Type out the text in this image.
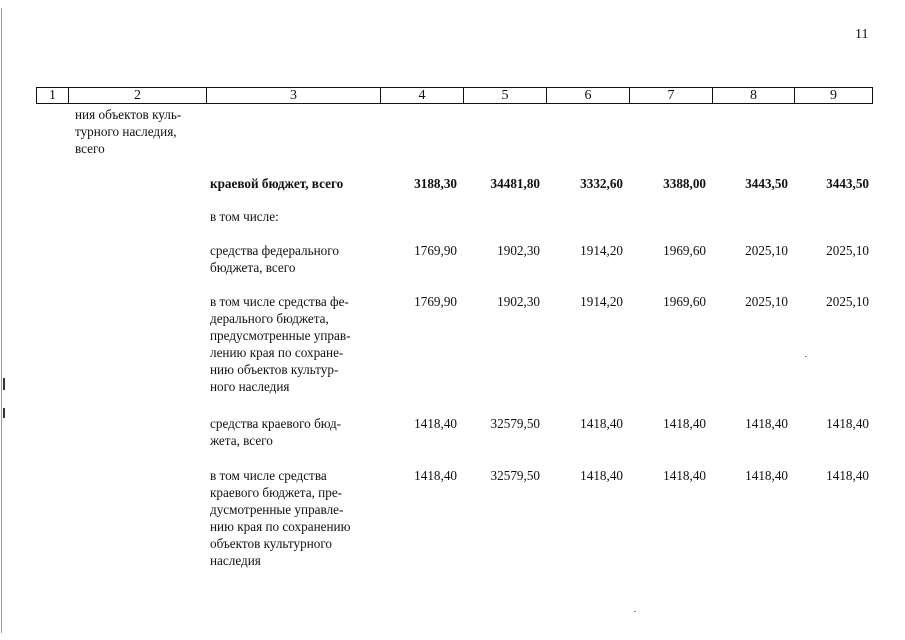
11
1	2	3	4	5	6	7	8	9
ния объектов куль-
турного наследия,
всего
краевой бюджет, всего	3188,30	34481,80	3332,60	3388,00	3443,50	3443,50
в том числе:
средства федерального
бюджета, всего
1769,90	1902,30	1914,20	1969,60	2025,10	2025,10
в том числе средства фе-
дерального бюджета,
предусмотренные управ-
лению края по сохране-
нию объектов культур-
ного наследия
1769,90	1902,30	1914,20	1969,60	2025,10	2025,10
средства краевого бюд-
жета, всего
1418,40	32579,50	1418,40	1418,40	1418,40	1418,40
в том числе средства
краевого бюджета, пре-
дусмотренные управле-
нию края по сохранению
объектов культурного
наследия
1418,40	32579,50	1418,40	1418,40	1418,40	1418,40
